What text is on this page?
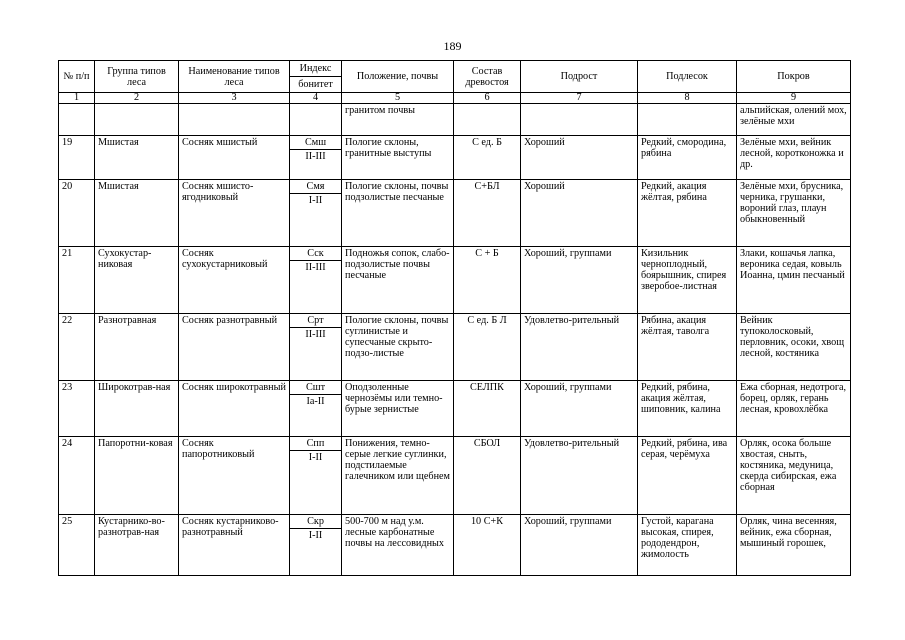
189
№ п/п	Группа типов леса	Наименование типов леса	Индекс	Положение, почвы	Состав древостоя	Подрост	Подлесок	Покров
			бонитет					
1	2	3	4	5	6	7	8	9
				гранитом почвы				альпийская, олений мох, зелёные мхи
19	Мшистая	Сосняк мшистый	Смш	Пологие склоны, гранитные выступы	С ед. Б	Хороший	Редкий, смородина, рябина	Зелёные мхи, вейник лесной, коротконожка и др.
			II-III					
20	Мшистая	Сосняк мшисто-ягодниковый	Смя	Пологие склоны, почвы подзолистые песчаные	С+БЛ	Хороший	Редкий, акация жёлтая, рябина	Зелёные мхи, брусника, черника, грушанки, вороний глаз, плаун обыкновенный
			I-II					
21	Сухокустар-никовая	Сосняк сухокустарниковый	Сск	Подножья сопок, слабо-подзолистые почвы песчаные	С + Б	Хороший, группами	Кизильник черноплодный, боярышник, спирея зверобое-листная	Злаки, кошачья лапка, вероника седая, ковыль Иоанна, цмин песчаный
			II-III					
22	Разнотравная	Сосняк разнотравный	Срт	Пологие склоны, почвы суглинистые и супесчаные скрыто-подзо-листые	С ед. Б Л	Удовлетво-рительный	Рябина, акация жёлтая, таволга	Вейник тупоколосковый, перловник, осоки, хвощ лесной, костяника
			II-III					
23	Широкотрав-ная	Сосняк широкотравный	Сшт	Оподзоленные чернозёмы или темно-бурые зернистые	СЕЛПК	Хороший, группами	Редкий, рябина, акация жёлтая, шиповник, калина	Ежа сборная, недотрога, борец, орляк, герань лесная, кровохлёбка
			Ia-II					
24	Папоротни-ковая	Сосняк папоротниковый	Спп	Понижения, темно-серые легкие суглинки, подстилаемые галечником или щебнем	СБОЛ	Удовлетво-рительный	Редкий, рябина, ива серая, черёмуха	Орляк, осока больше хвостая, сныть, костяника, медуница, скерда сибирская, ежа сборная
			I-II					
25	Кустарнико-во-разнотрав-ная	Сосняк кустарниково-разнотравный	Скр	500-700 м над у.м. лесные карбонатные почвы на лессовидных	10 С+К	Хороший, группами	Густой, карагана высокая, спирея, рододендрон, жимолость	Орляк, чина весенняя, вейник, ежа сборная, мышиный горошек,
			I-II					
